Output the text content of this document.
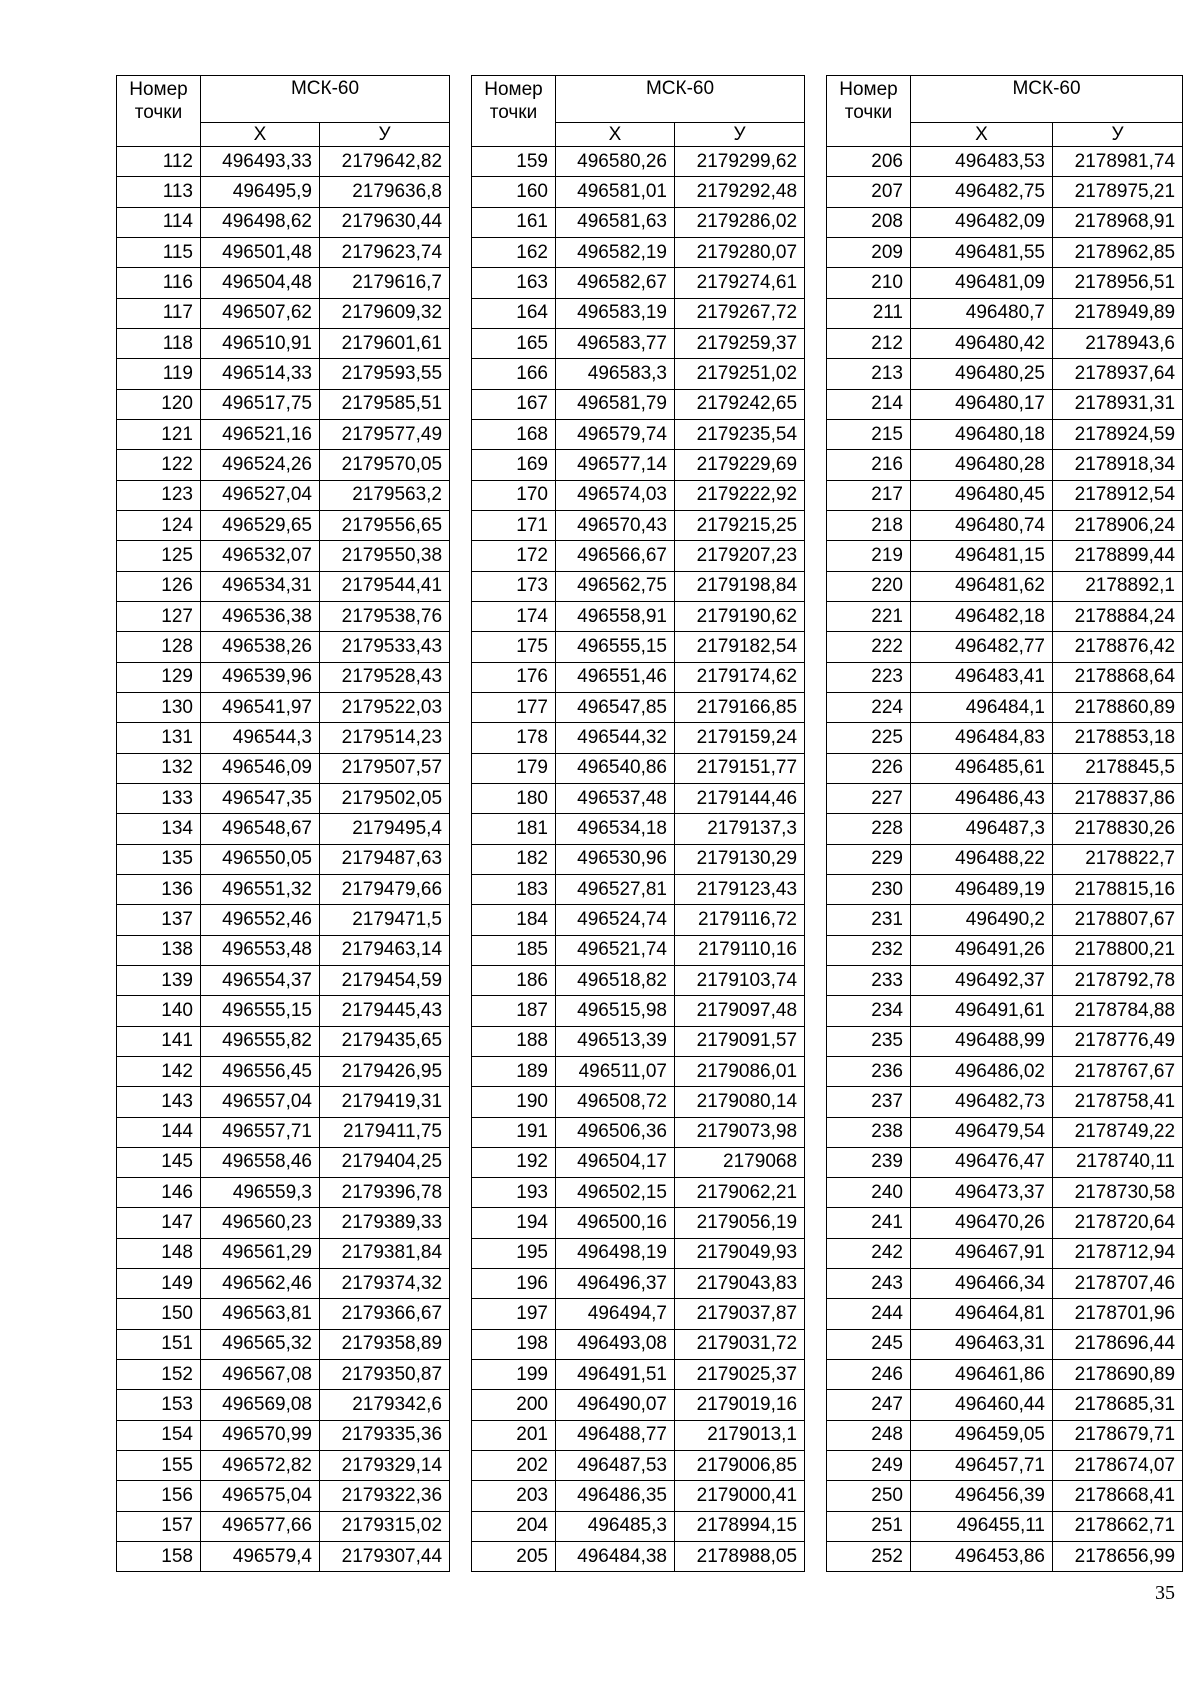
Номер
точки	МСК-60	
	Х	У
112	496493,33	2179642,82
113	496495,9	2179636,8
114	496498,62	2179630,44
115	496501,48	2179623,74
116	496504,48	2179616,7
117	496507,62	2179609,32
118	496510,91	2179601,61
119	496514,33	2179593,55
120	496517,75	2179585,51
121	496521,16	2179577,49
122	496524,26	2179570,05
123	496527,04	2179563,2
124	496529,65	2179556,65
125	496532,07	2179550,38
126	496534,31	2179544,41
127	496536,38	2179538,76
128	496538,26	2179533,43
129	496539,96	2179528,43
130	496541,97	2179522,03
131	496544,3	2179514,23
132	496546,09	2179507,57
133	496547,35	2179502,05
134	496548,67	2179495,4
135	496550,05	2179487,63
136	496551,32	2179479,66
137	496552,46	2179471,5
138	496553,48	2179463,14
139	496554,37	2179454,59
140	496555,15	2179445,43
141	496555,82	2179435,65
142	496556,45	2179426,95
143	496557,04	2179419,31
144	496557,71	2179411,75
145	496558,46	2179404,25
146	496559,3	2179396,78
147	496560,23	2179389,33
148	496561,29	2179381,84
149	496562,46	2179374,32
150	496563,81	2179366,67
151	496565,32	2179358,89
152	496567,08	2179350,87
153	496569,08	2179342,6
154	496570,99	2179335,36
155	496572,82	2179329,14
156	496575,04	2179322,36
157	496577,66	2179315,02
158	496579,4	2179307,44
Номер
точки	МСК-60	
	Х	У
159	496580,26	2179299,62
160	496581,01	2179292,48
161	496581,63	2179286,02
162	496582,19	2179280,07
163	496582,67	2179274,61
164	496583,19	2179267,72
165	496583,77	2179259,37
166	496583,3	2179251,02
167	496581,79	2179242,65
168	496579,74	2179235,54
169	496577,14	2179229,69
170	496574,03	2179222,92
171	496570,43	2179215,25
172	496566,67	2179207,23
173	496562,75	2179198,84
174	496558,91	2179190,62
175	496555,15	2179182,54
176	496551,46	2179174,62
177	496547,85	2179166,85
178	496544,32	2179159,24
179	496540,86	2179151,77
180	496537,48	2179144,46
181	496534,18	2179137,3
182	496530,96	2179130,29
183	496527,81	2179123,43
184	496524,74	2179116,72
185	496521,74	2179110,16
186	496518,82	2179103,74
187	496515,98	2179097,48
188	496513,39	2179091,57
189	496511,07	2179086,01
190	496508,72	2179080,14
191	496506,36	2179073,98
192	496504,17	2179068
193	496502,15	2179062,21
194	496500,16	2179056,19
195	496498,19	2179049,93
196	496496,37	2179043,83
197	496494,7	2179037,87
198	496493,08	2179031,72
199	496491,51	2179025,37
200	496490,07	2179019,16
201	496488,77	2179013,1
202	496487,53	2179006,85
203	496486,35	2179000,41
204	496485,3	2178994,15
205	496484,38	2178988,05
Номер
точки	МСК-60	
	Х	У
206	496483,53	2178981,74
207	496482,75	2178975,21
208	496482,09	2178968,91
209	496481,55	2178962,85
210	496481,09	2178956,51
211	496480,7	2178949,89
212	496480,42	2178943,6
213	496480,25	2178937,64
214	496480,17	2178931,31
215	496480,18	2178924,59
216	496480,28	2178918,34
217	496480,45	2178912,54
218	496480,74	2178906,24
219	496481,15	2178899,44
220	496481,62	2178892,1
221	496482,18	2178884,24
222	496482,77	2178876,42
223	496483,41	2178868,64
224	496484,1	2178860,89
225	496484,83	2178853,18
226	496485,61	2178845,5
227	496486,43	2178837,86
228	496487,3	2178830,26
229	496488,22	2178822,7
230	496489,19	2178815,16
231	496490,2	2178807,67
232	496491,26	2178800,21
233	496492,37	2178792,78
234	496491,61	2178784,88
235	496488,99	2178776,49
236	496486,02	2178767,67
237	496482,73	2178758,41
238	496479,54	2178749,22
239	496476,47	2178740,11
240	496473,37	2178730,58
241	496470,26	2178720,64
242	496467,91	2178712,94
243	496466,34	2178707,46
244	496464,81	2178701,96
245	496463,31	2178696,44
246	496461,86	2178690,89
247	496460,44	2178685,31
248	496459,05	2178679,71
249	496457,71	2178674,07
250	496456,39	2178668,41
251	496455,11	2178662,71
252	496453,86	2178656,99
35
